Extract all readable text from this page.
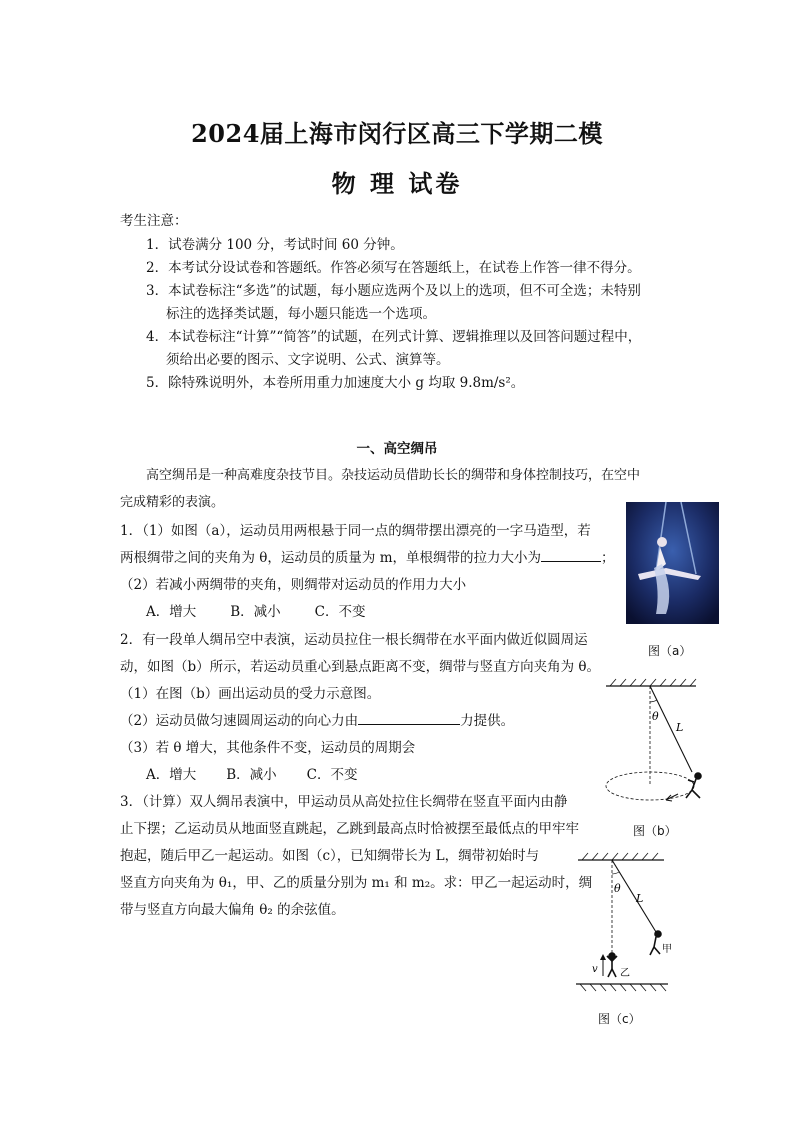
2024届上海市闵行区高三下学期二模
物 理 试卷
考生注意：
1．试卷满分 100 分，考试时间 60 分钟。
2．本考试分设试卷和答题纸。作答必须写在答题纸上，在试卷上作答一律不得分。
3．本试卷标注“多选”的试题，每小题应选两个及以上的选项，但不可全选；未特别
标注的选择类试题，每小题只能选一个选项。
4．本试卷标注“计算”“简答”的试题，在列式计算、逻辑推理以及回答问题过程中，
须给出必要的图示、文字说明、公式、演算等。
5．除特殊说明外，本卷所用重力加速度大小 g 均取 9.8m/s²。
一、高空绸吊
高空绸吊是一种高难度杂技节目。杂技运动员借助长长的绸带和身体控制技巧，在空中
完成精彩的表演。
1．（1）如图（a），运动员用两根悬于同一点的绸带摆出漂亮的一字马造型，若
两根绸带之间的夹角为 θ，运动员的质量为 m，单根绸带的拉力大小为	；
（2）若减小两绸带的夹角，则绸带对运动员的作用力大小
A．增大	B．减小	C．不变
图（a）
2．有一段单人绸吊空中表演，运动员拉住一根长绸带在水平面内做近似圆周运
动，如图（b）所示，若运动员重心到悬点距离不变，绸带与竖直方向夹角为 θ。
（1）在图（b）画出运动员的受力示意图。
（2）运动员做匀速圆周运动的向心力由	力提供。
（3）若 θ 增大，其他条件不变，运动员的周期会
A．增大 B．减小 C．不变
θ
L
图（b）
3．（计算）双人绸吊表演中，甲运动员从高处拉住长绸带在竖直平面内由静
止下摆；乙运动员从地面竖直跳起，乙跳到最高点时恰被摆至最低点的甲牢牢
抱起，随后甲乙一起运动。如图（c），已知绸带长为 L，绸带初始时与
竖直方向夹角为 θ₁，甲、乙的质量分别为 m₁ 和 m₂。求：甲乙一起运动时，绸
带与竖直方向最大偏角 θ₂ 的余弦值。
θ
L
甲
v 乙
图（c）
